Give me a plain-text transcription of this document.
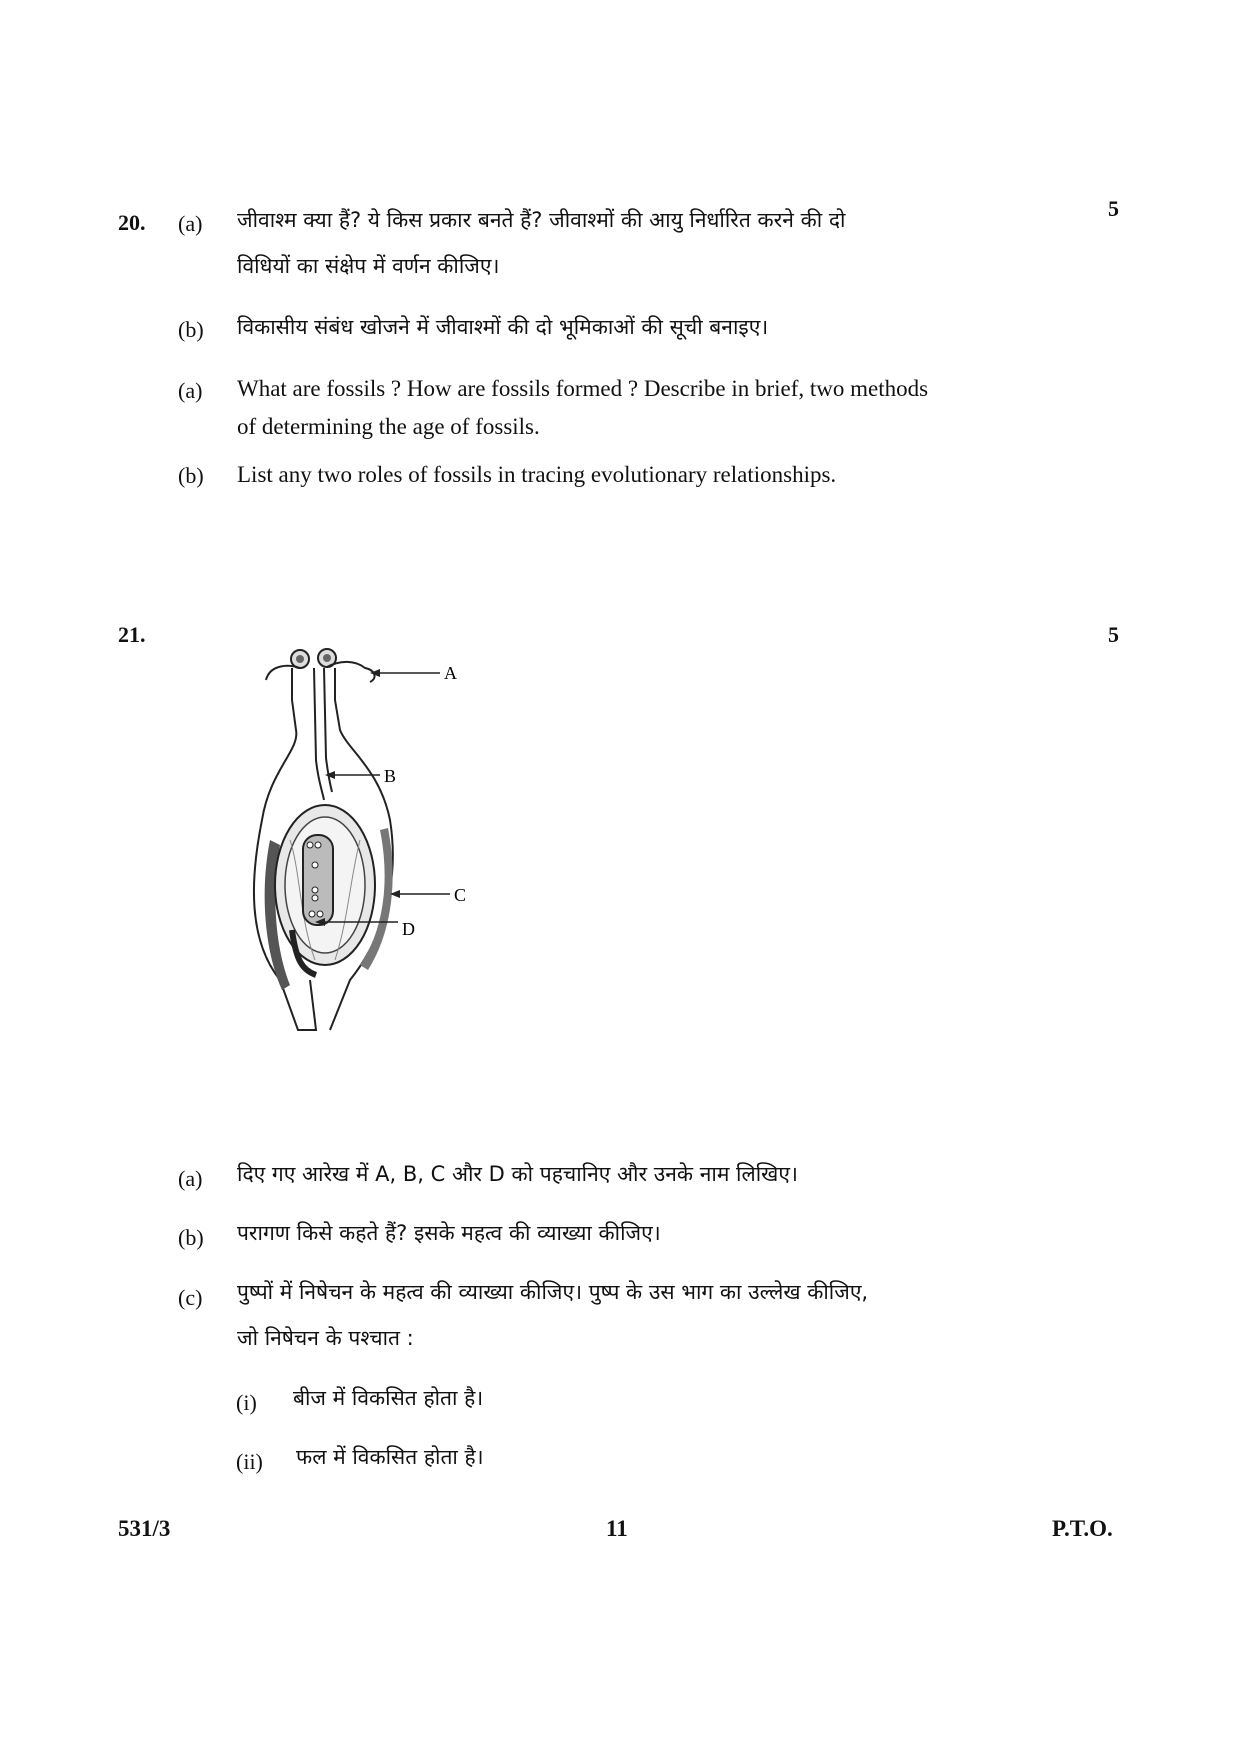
20.
5
(a) जीवाश्म क्या हैं? ये किस प्रकार बनते हैं? जीवाश्मों की आयु निर्धारित करने की दो
विधियों का संक्षेप में वर्णन कीजिए।
(b) विकासीय संबंध खोजने में जीवाश्मों की दो भूमिकाओं की सूची बनाइए।
(a) What are fossils ? How are fossils formed ? Describe in brief, two methods
of determining the age of fossils.
(b) List any two roles of fossils in tracing evolutionary relationships.
21.	5
A
B
C
D
(a) दिए गए आरेख में A, B, C और D को पहचानिए और उनके नाम लिखिए।
(b) परागण किसे कहते हैं? इसके महत्व की व्याख्या कीजिए।
(c) पुष्पों में निषेचन के महत्व की व्याख्या कीजिए। पुष्प के उस भाग का उल्लेख कीजिए,
जो निषेचन के पश्चात :
(i) बीज में विकसित होता है।
(ii) फल में विकसित होता है।
531/3	11	P.T.O.
